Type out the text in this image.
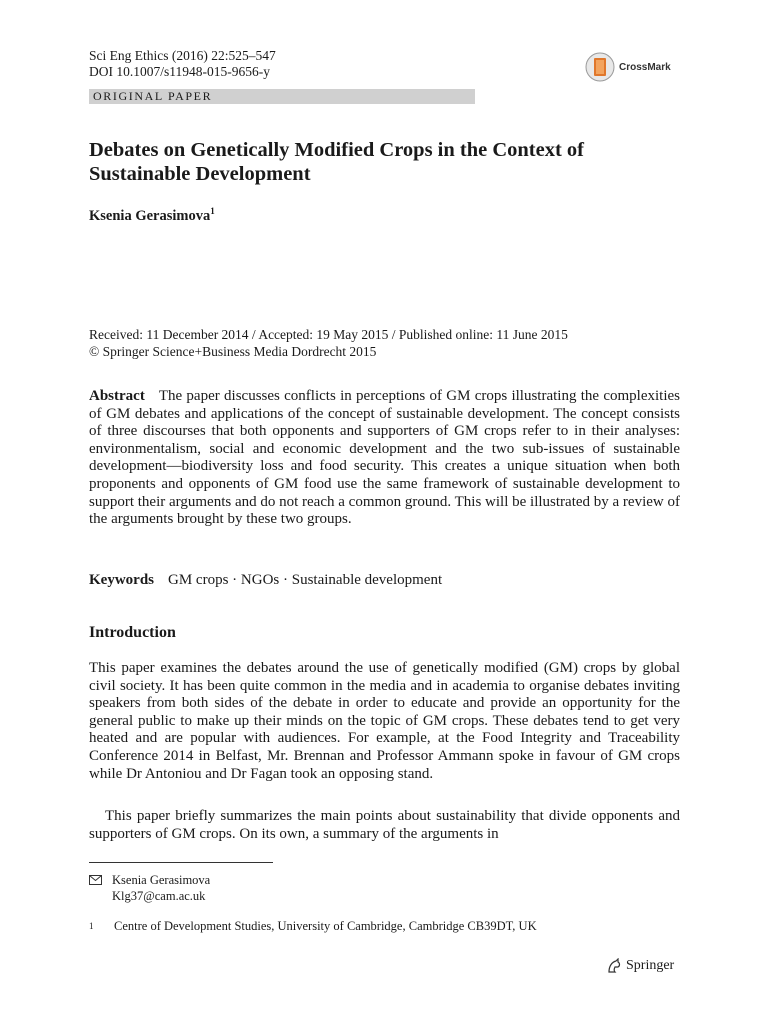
Sci Eng Ethics (2016) 22:525–547
DOI 10.1007/s11948-015-9656-y	CrossMark
ORIGINAL PAPER
Debates on Genetically Modified Crops in the Context of Sustainable Development
Ksenia Gerasimova$^1$
Received: 11 December 2014 / Accepted: 19 May 2015 / Published online: 11 June 2015
© Springer Science+Business Media Dordrecht 2015

Abstract The paper discusses conflicts in perceptions of GM crops illustrating the complexities of GM debates and applications of the concept of sustainable development. The concept consists of three discourses that both opponents and supporters of GM crops refer to in their analyses: environmentalism, social and economic development and the two sub-issues of sustainable development—biodiversity loss and food security. This creates a unique situation when both proponents and opponents of GM food use the same framework of sustainable development to support their arguments and do not reach a common ground. This will be illustrated by a review of the arguments brought by these two groups.

Keywords GM crops · NGOs · Sustainable development
Introduction

This paper examines the debates around the use of genetically modified (GM) crops by global civil society. It has been quite common in the media and in academia to organise debates inviting speakers from both sides of the debate in order to educate and provide an opportunity for the general public to make up their minds on the topic of GM crops. These debates tend to get very heated and are popular with audiences. For example, at the Food Integrity and Traceability Conference 2014 in Belfast, Mr. Brennan and Professor Ammann spoke in favour of GM crops while Dr Antoniou and Dr Fagan took an opposing stand.

This paper briefly summarizes the main points about sustainability that divide opponents and supporters of GM crops. On its own, a summary of the arguments in

Ksenia Gerasimova
Klg37@cam.ac.uk
1	Centre of Development Studies, University of Cambridge, Cambridge CB39DT, UK
Springer
